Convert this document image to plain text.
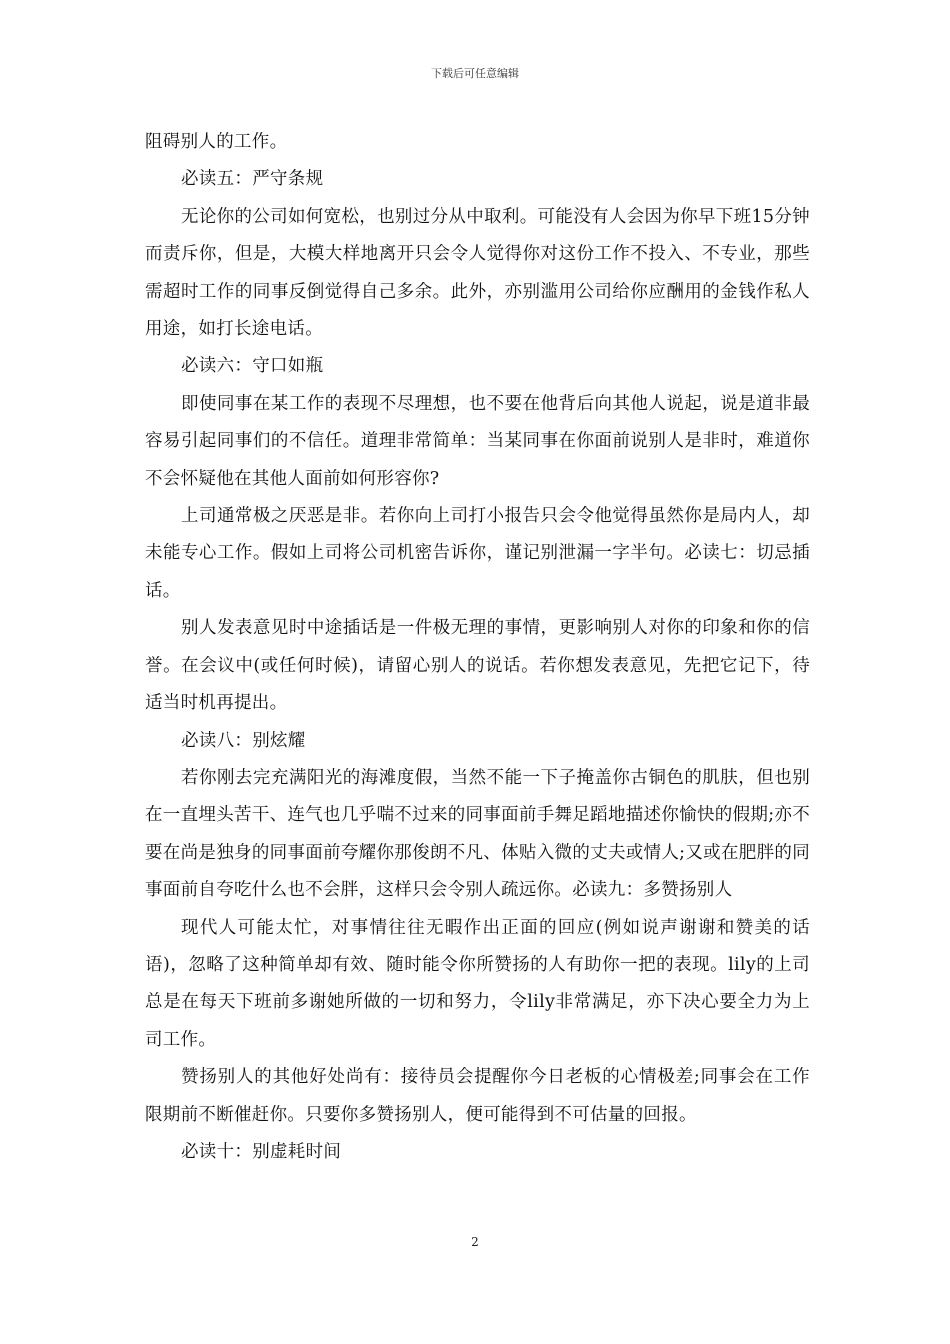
下载后可任意编辑

阻碍别人的工作。

必读五：严守条规

无论你的公司如何宽松，也别过分从中取利。可能没有人会因为你早下班15分钟而责斥你，但是，大模大样地离开只会令人觉得你对这份工作不投入、不专业，那些需超时工作的同事反倒觉得自己多余。此外，亦别滥用公司给你应酬用的金钱作私人用途，如打长途电话。

必读六：守口如瓶

即使同事在某工作的表现不尽理想，也不要在他背后向其他人说起，说是道非最容易引起同事们的不信任。道理非常简单：当某同事在你面前说别人是非时，难道你不会怀疑他在其他人面前如何形容你?

上司通常极之厌恶是非。若你向上司打小报告只会令他觉得虽然你是局内人，却未能专心工作。假如上司将公司机密告诉你，谨记别泄漏一字半句。必读七：切忌插话。

别人发表意见时中途插话是一件极无理的事情，更影响别人对你的印象和你的信誉。在会议中(或任何时候)，请留心别人的说话。若你想发表意见，先把它记下，待适当时机再提出。

必读八：别炫耀

若你刚去完充满阳光的海滩度假，当然不能一下子掩盖你古铜色的肌肤，但也别在一直埋头苦干、连气也几乎喘不过来的同事面前手舞足蹈地描述你愉快的假期;亦不要在尚是独身的同事面前夸耀你那俊朗不凡、体贴入微的丈夫或情人;又或在肥胖的同事面前自夸吃什么也不会胖，这样只会令别人疏远你。必读九：多赞扬别人

现代人可能太忙，对事情往往无暇作出正面的回应(例如说声谢谢和赞美的话语)，忽略了这种简单却有效、随时能令你所赞扬的人有助你一把的表现。lily的上司总是在每天下班前多谢她所做的一切和努力，令lily非常满足，亦下决心要全力为上司工作。

赞扬别人的其他好处尚有：接待员会提醒你今日老板的心情极差;同事会在工作限期前不断催赶你。只要你多赞扬别人，便可能得到不可估量的回报。

必读十：别虚耗时间

2
